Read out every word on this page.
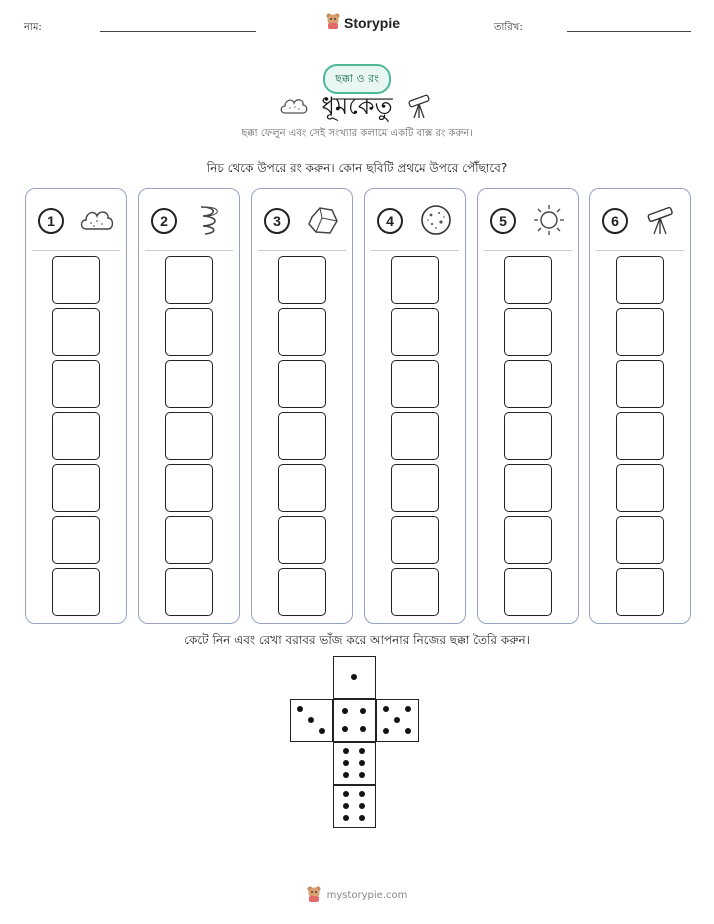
নাম:	Storypie	তারিখ:
ছক্কা ও রং
ধূমকেতু
ছক্কা ফেলুন এবং সেই সংখ্যার কলামে একটি বাক্স রং করুন।
নিচ থেকে উপরে রং করুন। কোন ছবিটি প্রথমে উপরে পৌঁছাবে?
1	2	3	4	5	6
কেটে নিন এবং রেখা বরাবর ভাঁজ করে আপনার নিজের ছক্কা তৈরি করুন।
mystorypie.com
